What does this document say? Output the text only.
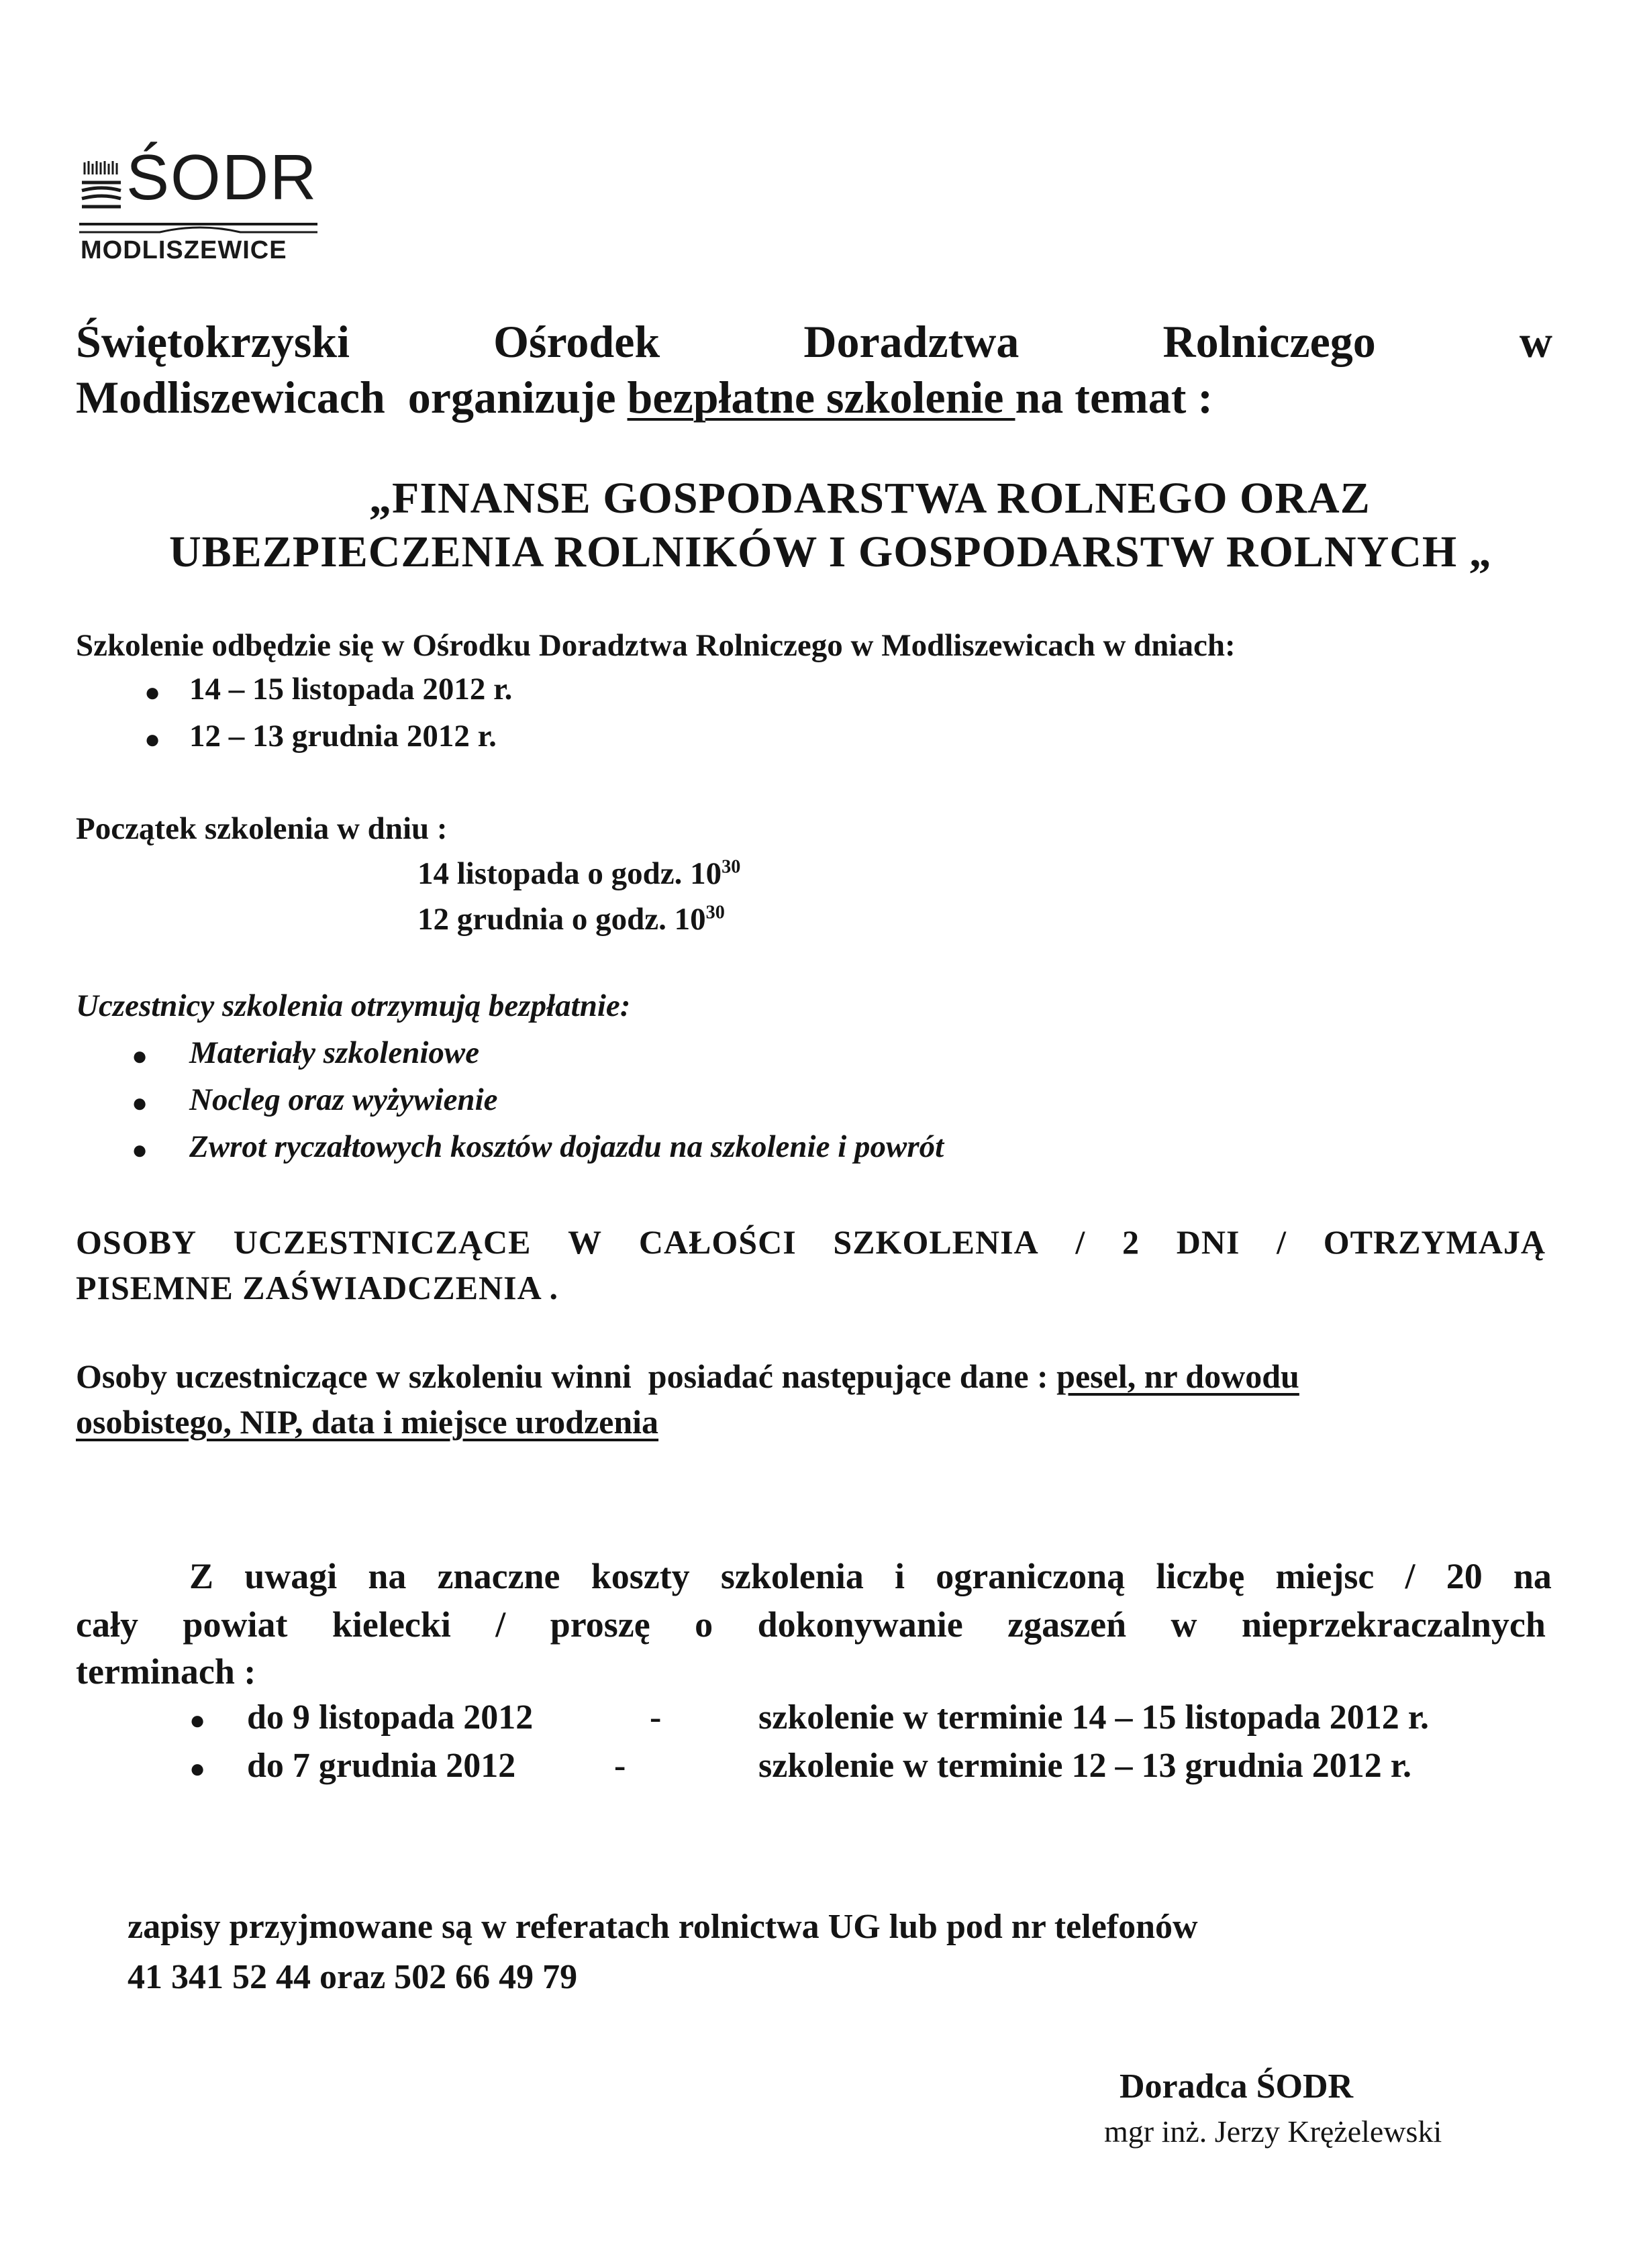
ŚODR
MODLISZEWICE
Świętokrzyski	Ośrodek	Doradztwa	Rolniczego	w
Modliszewicach  organizuje bezpłatne szkolenie na temat :
„FINANSE GOSPODARSTWA ROLNEGO ORAZ
UBEZPIECZENIA ROLNIKÓW I GOSPODARSTW ROLNYCH „
Szkolenie odbędzie się w Ośrodku Doradztwa Rolniczego w Modliszewicach w dniach:
● 14 – 15 listopada 2012 r.
● 12 – 13 grudnia 2012 r.
Początek szkolenia w dniu :
14 listopada o godz. $10^{30}$
12 grudnia o godz. $10^{30}$
Uczestnicy szkolenia otrzymują bezpłatnie:
● Materiały szkoleniowe
● Nocleg oraz wyżywienie
● Zwrot ryczałtowych kosztów dojazdu na szkolenie i powrót
OSOBY UCZESTNICZĄCE W CAŁOŚCI SZKOLENIA / 2 DNI / OTRZYMAJĄ
PISEMNE ZAŚWIADCZENIA .
Osoby uczestniczące w szkoleniu winni  posiadać następujące dane : pesel, nr dowodu
osobistego, NIP, data i miejsce urodzenia
Z uwagi na znaczne koszty szkolenia i ograniczoną liczbę miejsc / 20 na
cały powiat kielecki / proszę o dokonywanie zgaszeń w nieprzekraczalnych
terminach :
● do 9 listopada 2012	-	szkolenie w terminie 14 – 15 listopada 2012 r.
● do 7 grudnia 2012	-	szkolenie w terminie 12 – 13 grudnia 2012 r.
zapisy przyjmowane są w referatach rolnictwa UG lub pod nr telefonów
41 341 52 44 oraz 502 66 49 79
Doradca ŚODR
mgr inż. Jerzy Krężelewski
